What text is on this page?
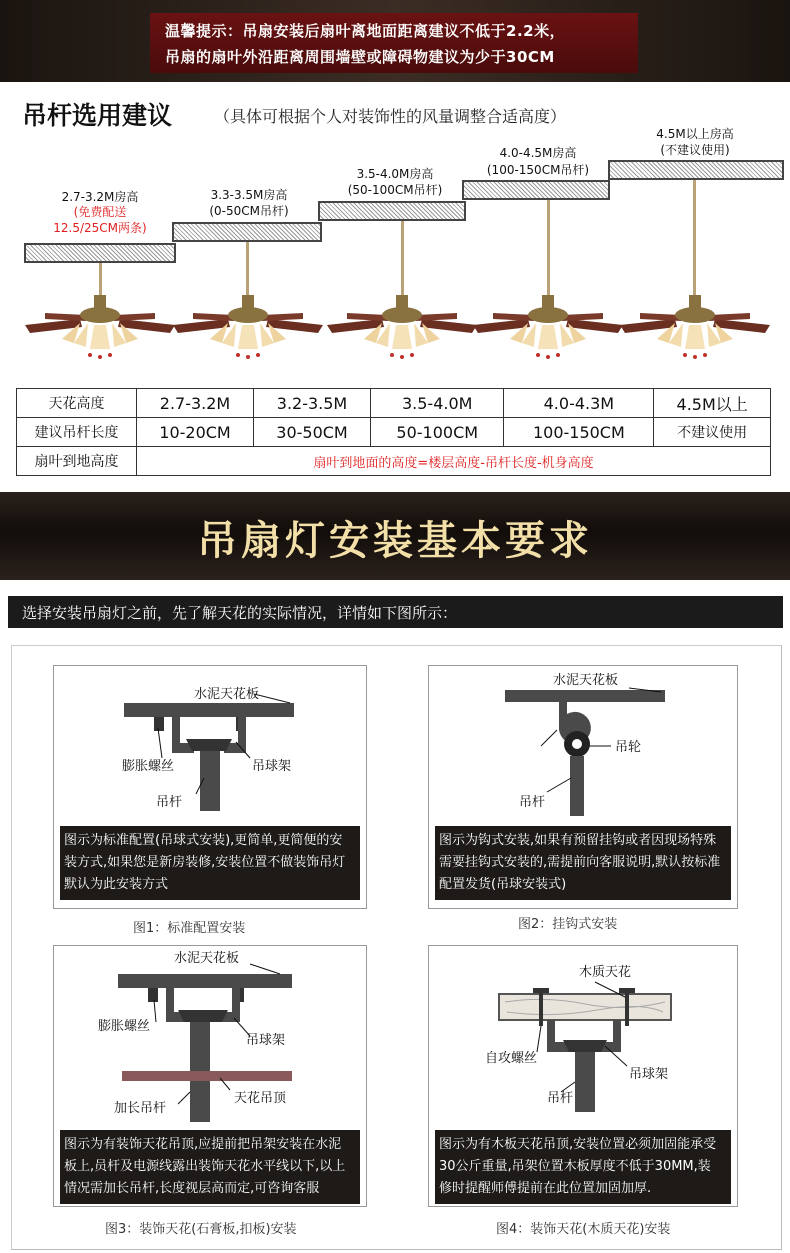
温馨提示：吊扇安装后扇叶离地面距离建议不低于2.2米，
吊扇的扇叶外沿距离周围墙壁或障碍物建议为少于30CM
吊杆选用建议	（具体可根据个人对装饰性的风量调整合适高度）
2.7-3.2M房高
(免费配送
12.5/25CM两条)
3.3-3.5M房高
(0-50CM吊杆)
3.5-4.0M房高
(50-100CM吊杆)
4.0-4.5M房高
(100-150CM吊杆)
4.5M以上房高
(不建议使用)
天花高度	2.7-3.2M	3.2-3.5M	3.5-4.0M	4.0-4.3M	4.5M以上
建议吊杆长度	10-20CM	30-50CM	50-100CM	100-150CM	不建议使用
扇叶到地高度	扇叶到地面的高度=楼层高度-吊杆长度-机身高度				
吊扇灯安装基本要求
选择安装吊扇灯之前，先了解天花的实际情况，详情如下图所示：
水泥天花板
膨胀螺丝	吊球架
吊杆
图示为标准配置(吊球式安装),更简单,更简便的安
装方式,如果您是新房装修,安装位置不做装饰吊灯
默认为此安装方式
图1：标准配置安装
水泥天花板
吊轮
吊杆
图示为钩式安装,如果有预留挂钩或者因现场特殊
需要挂钩式安装的,需提前向客服说明,默认按标准
配置发货(吊球安装式)
图2：挂钩式安装
水泥天花板
膨胀螺丝
吊球架
加长吊杆
天花吊顶
图示为有装饰天花吊顶,应提前把吊架安装在水泥
板上,员杆及电源线露出装饰天花水平线以下,以上
情况需加长吊杆,长度视层高而定,可咨询客服
图3：装饰天花(石膏板,扣板)安装
木质天花
自攻螺丝
吊球架
吊杆
图示为有木板天花吊顶,安装位置必须加固能承受
30公斤重量,吊架位置木板厚度不低于30MM,装
修时提醒师傅提前在此位置加固加厚.
图4：装饰天花(木质天花)安装
